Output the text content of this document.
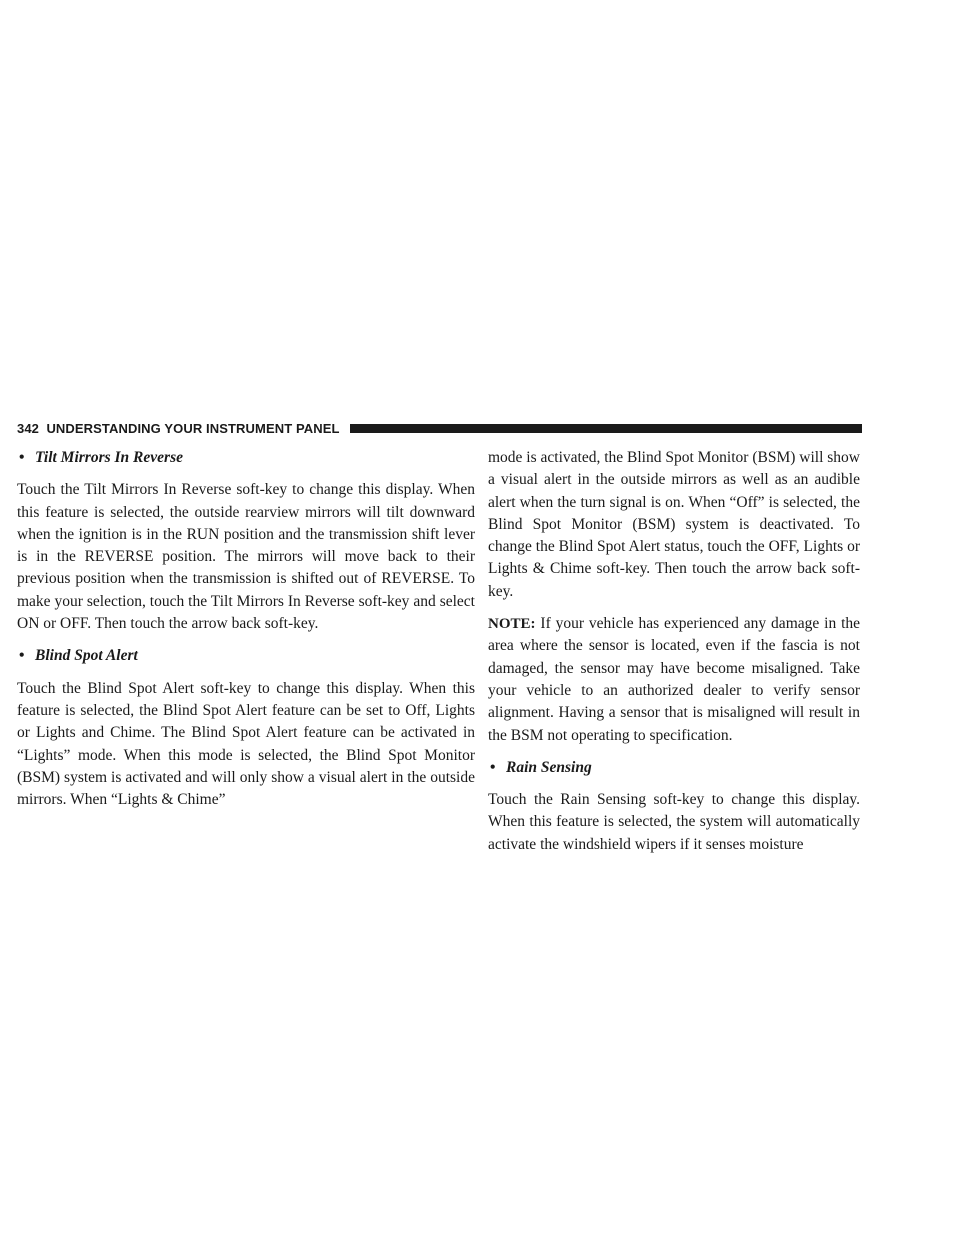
342 UNDERSTANDING YOUR INSTRUMENT PANEL
• Tilt Mirrors In Reverse

Touch the Tilt Mirrors In Reverse soft-key to change this display. When this feature is selected, the outside rearview mirrors will tilt downward when the ignition is in the RUN position and the transmission shift lever is in the REVERSE position. The mirrors will move back to their previous position when the transmission is shifted out of REVERSE. To make your selection, touch the Tilt Mirrors In Reverse soft-key and select ON or OFF. Then touch the arrow back soft-key.

• Blind Spot Alert

Touch the Blind Spot Alert soft-key to change this display. When this feature is selected, the Blind Spot Alert feature can be set to Off, Lights or Lights and Chime. The Blind Spot Alert feature can be activated in “Lights” mode. When this mode is selected, the Blind Spot Monitor (BSM) system is activated and will only show a visual alert in the outside mirrors. When “Lights & Chime”

mode is activated, the Blind Spot Monitor (BSM) will show a visual alert in the outside mirrors as well as an audible alert when the turn signal is on. When “Off” is selected, the Blind Spot Monitor (BSM) system is deactivated. To change the Blind Spot Alert status, touch the OFF, Lights or Lights & Chime soft-key. Then touch the arrow back soft-key.

NOTE: If your vehicle has experienced any damage in the area where the sensor is located, even if the fascia is not damaged, the sensor may have become misaligned. Take your vehicle to an authorized dealer to verify sensor alignment. Having a sensor that is misaligned will result in the BSM not operating to specification.

• Rain Sensing

Touch the Rain Sensing soft-key to change this display. When this feature is selected, the system will automatically activate the windshield wipers if it senses moisture
